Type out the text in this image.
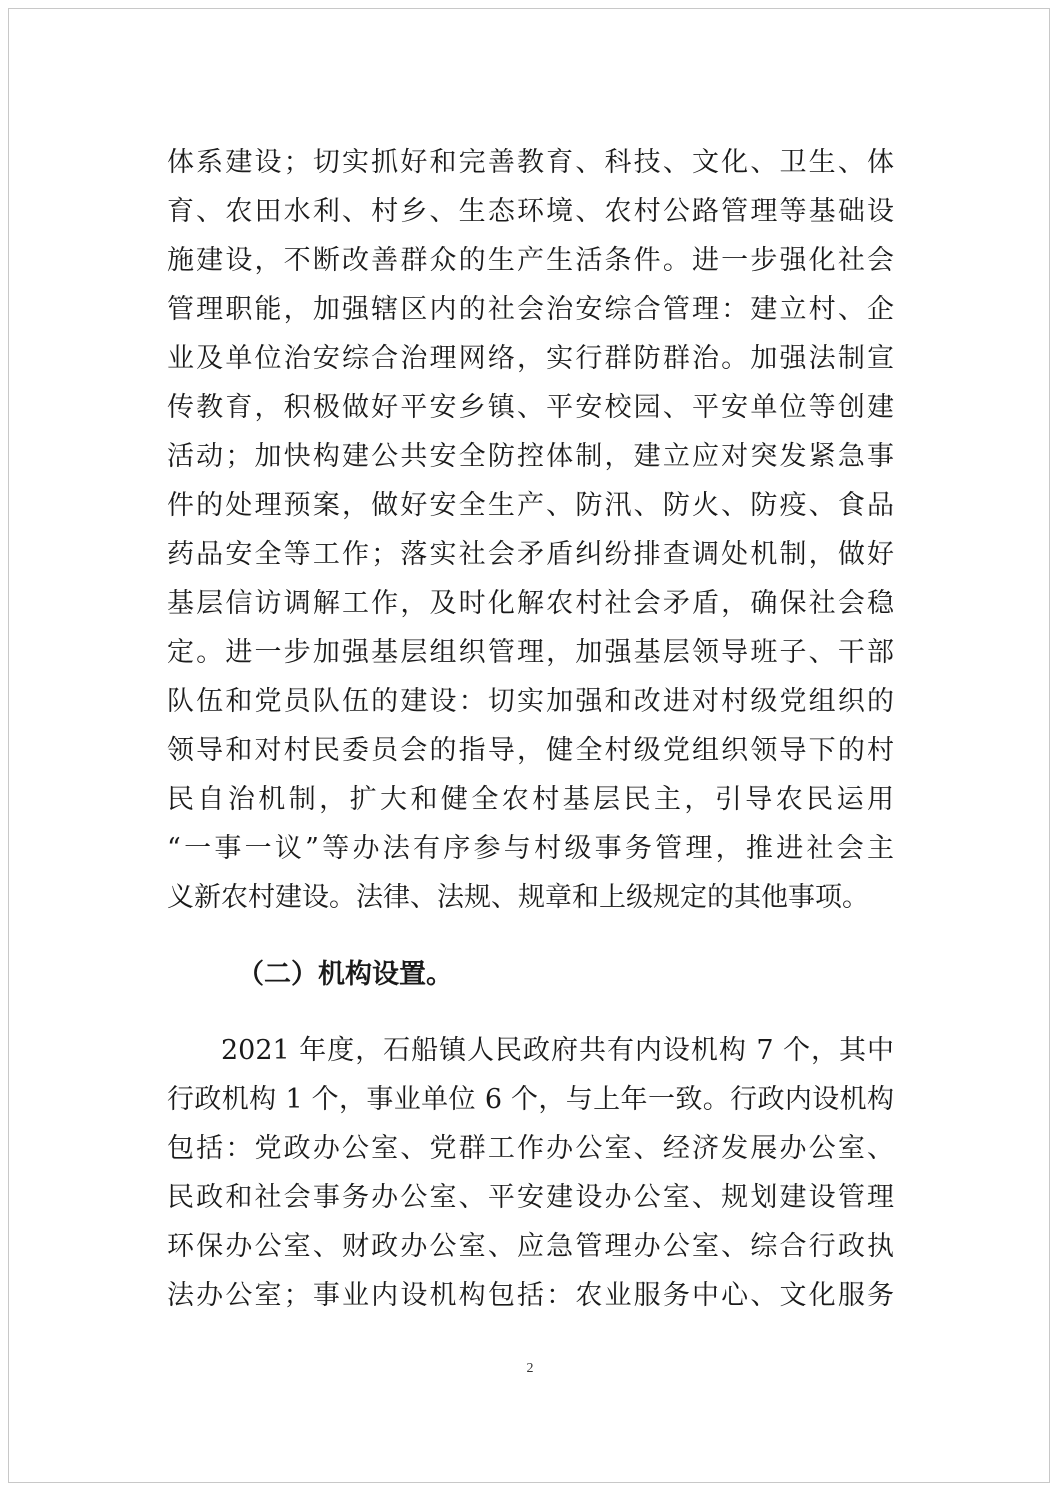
体系建设；切实抓好和完善教育、科技、文化、卫生、体
育、农田水利、村乡、生态环境、农村公路管理等基础设
施建设，不断改善群众的生产生活条件。进一步强化社会
管理职能，加强辖区内的社会治安综合管理：建立村、企
业及单位治安综合治理网络，实行群防群治。加强法制宣
传教育，积极做好平安乡镇、平安校园、平安单位等创建
活动；加快构建公共安全防控体制，建立应对突发紧急事
件的处理预案，做好安全生产、防汛、防火、防疫、食品
药品安全等工作；落实社会矛盾纠纷排查调处机制，做好
基层信访调解工作，及时化解农村社会矛盾，确保社会稳
定。进一步加强基层组织管理，加强基层领导班子、干部
队伍和党员队伍的建设：切实加强和改进对村级党组织的
领导和对村民委员会的指导，健全村级党组织领导下的村
民自治机制，扩大和健全农村基层民主，引导农民运用
“一事一议”等办法有序参与村级事务管理，推进社会主
义新农村建设。法律、法规、规章和上级规定的其他事项。
（二）机构设置。
2021 年度，石船镇人民政府共有内设机构 7 个，其中
行政机构 1 个，事业单位 6 个，与上年一致。行政内设机构
包括：党政办公室、党群工作办公室、经济发展办公室、
民政和社会事务办公室、平安建设办公室、规划建设管理
环保办公室、财政办公室、应急管理办公室、综合行政执
法办公室；事业内设机构包括：农业服务中心、文化服务
2
